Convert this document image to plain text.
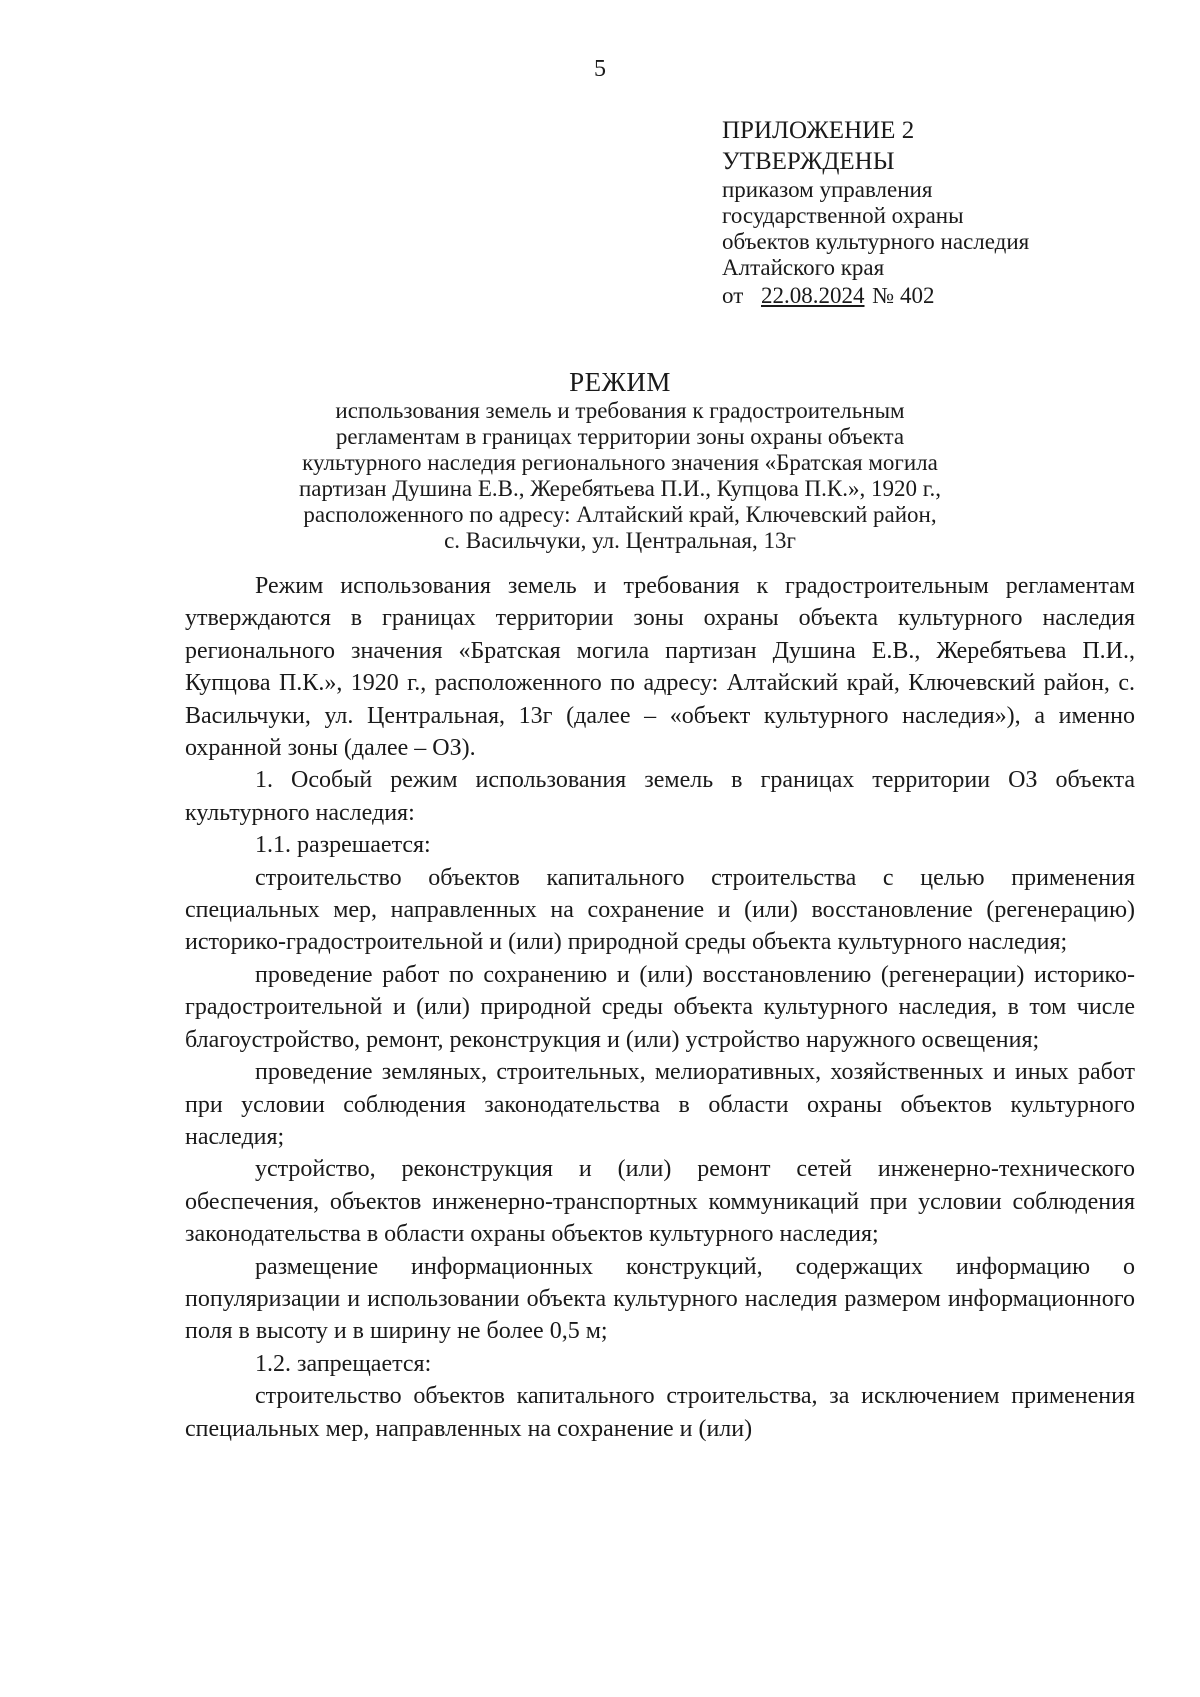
5
ПРИЛОЖЕНИЕ 2
УТВЕРЖДЕНЫ
приказом управления
государственной охраны
объектов культурного наследия
Алтайского края
от 22.08.2024 № 402
РЕЖИМ
использования земель и требования к градостроительным
регламентам в границах территории зоны охраны объекта
культурного наследия регионального значения «Братская могила
партизан Душина Е.В., Жеребятьева П.И., Купцова П.К.», 1920 г.,
расположенного по адресу: Алтайский край, Ключевский район,
с. Васильчуки, ул. Центральная, 13г

Режим использования земель и требования к градостроительным регламентам утверждаются в границах территории зоны охраны объекта культурного наследия регионального значения «Братская могила партизан Душина Е.В., Жеребятьева П.И., Купцова П.К.», 1920 г., расположенного по адресу: Алтайский край, Ключевский район, с. Васильчуки, ул. Центральная, 13г (далее – «объект культурного наследия»), а именно охранной зоны (далее – ОЗ).

1. Особый режим использования земель в границах территории ОЗ объекта культурного наследия:

1.1. разрешается:

строительство объектов капитального строительства с целью применения специальных мер, направленных на сохранение и (или) восстановление (регенерацию) историко-градостроительной и (или) природной среды объекта культурного наследия;

проведение работ по сохранению и (или) восстановлению (регенерации) историко-градостроительной и (или) природной среды объекта культурного наследия, в том числе благоустройство, ремонт, реконструкция и (или) устройство наружного освещения;

проведение земляных, строительных, мелиоративных, хозяйственных и иных работ при условии соблюдения законодательства в области охраны объектов культурного наследия;

устройство, реконструкция и (или) ремонт сетей инженерно-технического обеспечения, объектов инженерно-транспортных коммуникаций при условии соблюдения законодательства в области охраны объектов культурного наследия;

размещение информационных конструкций, содержащих информацию о популяризации и использовании объекта культурного наследия размером информационного поля в высоту и в ширину не более 0,5 м;

1.2. запрещается:

строительство объектов капитального строительства, за исключением применения специальных мер, направленных на сохранение и (или)
